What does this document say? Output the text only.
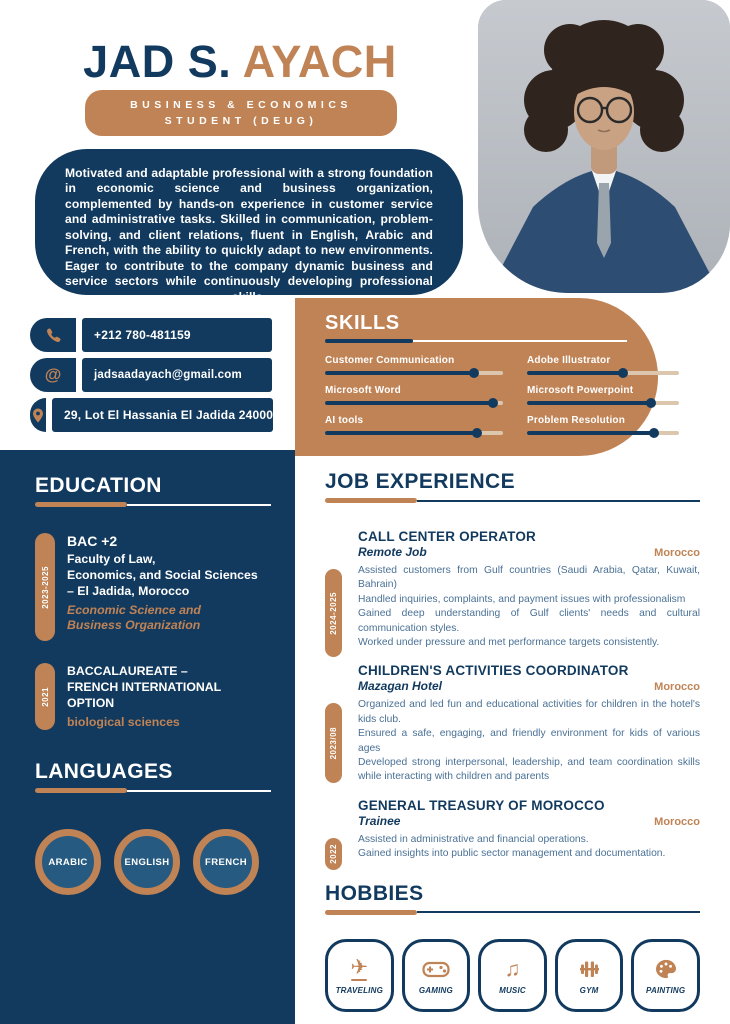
JAD S. AYACH
BUSINESS & ECONOMICS
STUDENT (DEUG)
Motivated and adaptable professional with a strong foundation in economic science and business organization, complemented by hands-on experience in customer service and administrative tasks. Skilled in communication, problem-solving, and client relations, fluent in English, Arabic and French, with the ability to quickly adapt to new environments. Eager to contribute to the company dynamic business and service sectors while continuously developing professional skills.
+212 780-481159
@	jadsaadayach@gmail.com
29, Lot El Hassania El Jadida 24000
SKILLS
Customer Communication
Microsoft Word
AI tools
Adobe Illustrator
Microsoft Powerpoint
Problem Resolution
EDUCATION
2023-2025
BAC +2
Faculty of Law,
Economics, and Social Sciences
– El Jadida, Morocco
Economic Science and
Business Organization
2021
BACCALAUREATE –
FRENCH INTERNATIONAL OPTION
biological sciences
LANGUAGES
ARABIC	ENGLISH	FRENCH
JOB EXPERIENCE
2024-2025
CALL CENTER OPERATOR
Remote Job	Morocco
Assisted customers from Gulf countries (Saudi Arabia, Qatar, Kuwait, Bahrain)
Handled inquiries, complaints, and payment issues with professionalism
Gained deep understanding of Gulf clients' needs and cultural communication styles.
Worked under pressure and met performance targets consistently.
2023/08
CHILDREN'S ACTIVITIES COORDINATOR
Mazagan Hotel	Morocco
Organized and led fun and educational activities for children in the hotel's kids club.
Ensured a safe, engaging, and friendly environment for kids of various ages
Developed strong interpersonal, leadership, and team coordination skills while interacting with children and parents
2022
GENERAL TREASURY OF MOROCCO
Trainee	Morocco
Assisted in administrative and financial operations.
Gained insights into public sector management and documentation.
HOBBIES
✈
TRAVELING	GAMING
♫
MUSIC	GYM	PAINTING
